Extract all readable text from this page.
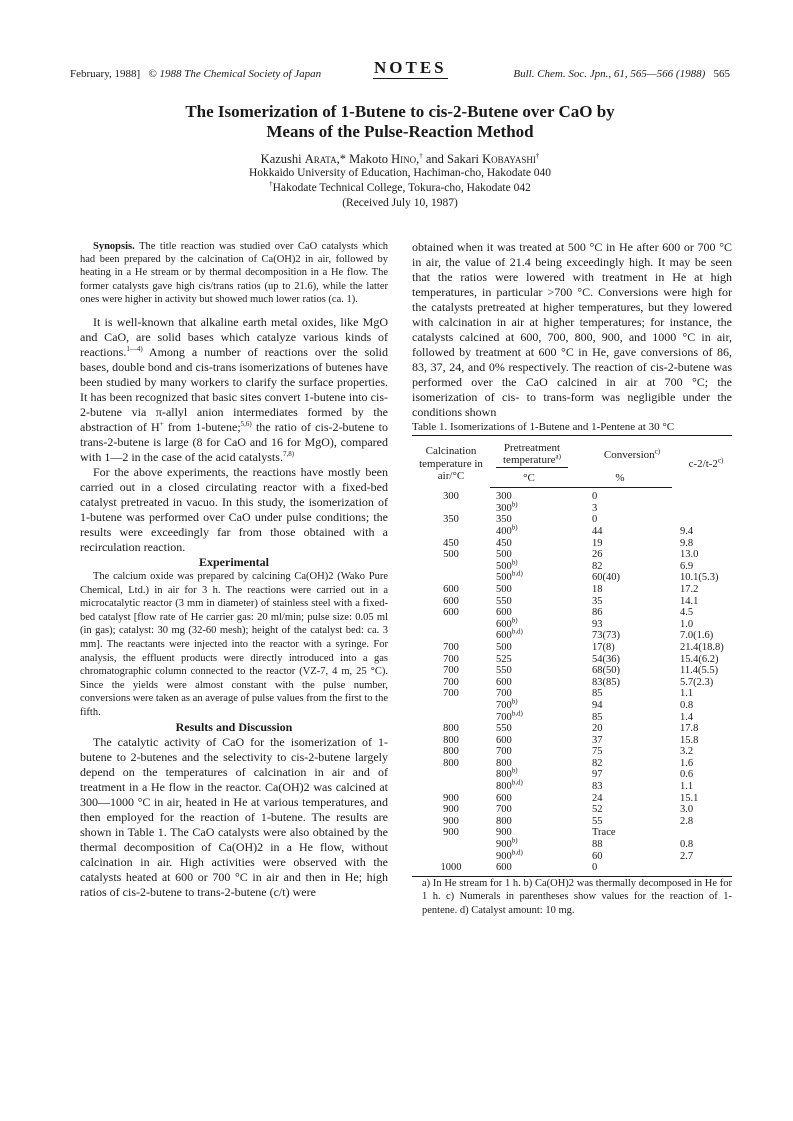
February, 1988] © 1988 The Chemical Society of Japan	NOTES	Bull. Chem. Soc. Jpn., 61, 565—566 (1988) 565
The Isomerization of 1-Butene to cis-2-Butene over CaO by
Means of the Pulse-Reaction Method
Kazushi Arata,* Makoto Hino,† and Sakari Kobayashi†
Hokkaido University of Education, Hachiman-cho, Hakodate 040
†Hakodate Technical College, Tokura-cho, Hakodate 042
(Received July 10, 1987)

Synopsis. The title reaction was studied over CaO catalysts which had been prepared by the calcination of Ca(OH)2 in air, followed by heating in a He stream or by thermal decomposition in a He flow. The former catalysts gave high cis/trans ratios (up to 21.6), while the latter ones were higher in activity but showed much lower ratios (ca. 1).

It is well-known that alkaline earth metal oxides, like MgO and CaO, are solid bases which catalyze various kinds of reactions.$^{1—4)}$ Among a number of reactions over the solid bases, double bond and cis-trans isomerizations of butenes have been studied by many workers to clarify the surface properties. It has been recognized that basic sites convert 1-butene into cis-2-butene via π-allyl anion intermediates formed by the abstraction of H+ from 1-butene;$^{5,6)}$ the ratio of cis-2-butene to trans-2-butene is large (8 for CaO and 16 for MgO), compared with 1—2 in the case of the acid catalysts.$^{7,8)}$

For the above experiments, the reactions have mostly been carried out in a closed circulating reactor with a fixed-bed catalyst pretreated in vacuo. In this study, the isomerization of 1-butene was performed over CaO under pulse conditions; the results were exceedingly far from those obtained with a recirculation reaction.

Experimental

The calcium oxide was prepared by calcining Ca(OH)2 (Wako Pure Chemical, Ltd.) in air for 3 h. The reactions were carried out in a microcatalytic reactor (3 mm in diameter) of stainless steel with a fixed-bed catalyst [flow rate of He carrier gas: 20 ml/min; pulse size: 0.05 ml (in gas); catalyst: 30 mg (32-60 mesh); height of the catalyst bed: ca. 3 mm]. The reactants were injected into the reactor with a syringe. For analysis, the effluent products were directly introduced into a gas chromatographic column connected to the reactor (VZ-7, 4 m, 25 °C). Since the yields were almost constant with the pulse number, conversions were taken as an average of pulse values from the first to the fifth.

Results and Discussion

The catalytic activity of CaO for the isomerization of 1-butene to 2-butenes and the selectivity to cis-2-butene largely depend on the temperatures of calcination in air and of treatment in a He flow in the reactor. Ca(OH)2 was calcined at 300—1000 °C in air, heated in He at various temperatures, and then employed for the reaction of 1-butene. The results are shown in Table 1. The CaO catalysts were also obtained by the thermal decomposition of Ca(OH)2 in a He flow, without calcination in air. High activities were observed with the catalysts heated at 600 or 700 °C in air and then in He; high ratios of cis-2-butene to trans-2-butene (c/t) were

obtained when it was treated at 500 °C in He after 600 or 700 °C in air, the value of 21.4 being exceedingly high. It may be seen that the ratios were lowered with treatment in He at high temperatures, in particular >700 °C. Conversions were high for the catalysts pretreated at higher temperatures, but they lowered with calcination in air at higher temperatures; for instance, the catalysts calcined at 600, 700, 800, 900, and 1000 °C in air, followed by treatment at 600 °C in He, gave conversions of 86, 83, 37, 24, and 0% respectively. The reaction of cis-2-butene was performed over the CaO calcined in air at 700 °C; the isomerization of cis- to trans-form was negligible under the conditions shown

Table 1. Isomerizations of 1-Butene and 1-Pentene at 30 °C

Calcination temperature in air/°C	Pretreatment temperature$^{a)}$	Conversion$^{c)}$	c-2/t-2$^{c)}$
	°C	%	
300	300	0	
	300$^{b)}$	3	
350	350	0	
	400$^{b)}$	44	9.4
450	450	19	9.8
500	500	26	13.0
	500$^{b)}$	82	6.9
	500$^{b,d)}$	60(40)	10.1(5.3)
600	500	18	17.2
600	550	35	14.1
600	600	86	4.5
	600$^{b)}$	93	1.0
	600$^{b,d)}$	73(73)	7.0(1.6)
700	500	17(8)	21.4(18.8)
700	525	54(36)	15.4(6.2)
700	550	68(50)	11.4(5.5)
700	600	83(85)	5.7(2.3)
700	700	85	1.1
	700$^{b)}$	94	0.8
	700$^{b,d)}$	85	1.4
800	550	20	17.8
800	600	37	15.8
800	700	75	3.2
800	800	82	1.6
	800$^{b)}$	97	0.6
	800$^{b,d)}$	83	1.1
900	600	24	15.1
900	700	52	3.0
900	800	55	2.8
900	900	Trace	
	900$^{b)}$	88	0.8
	900$^{b,d)}$	60	2.7
1000	600	0	

a) In He stream for 1 h. b) Ca(OH)2 was thermally decomposed in He for 1 h. c) Numerals in parentheses show values for the reaction of 1-pentene. d) Catalyst amount: 10 mg.
